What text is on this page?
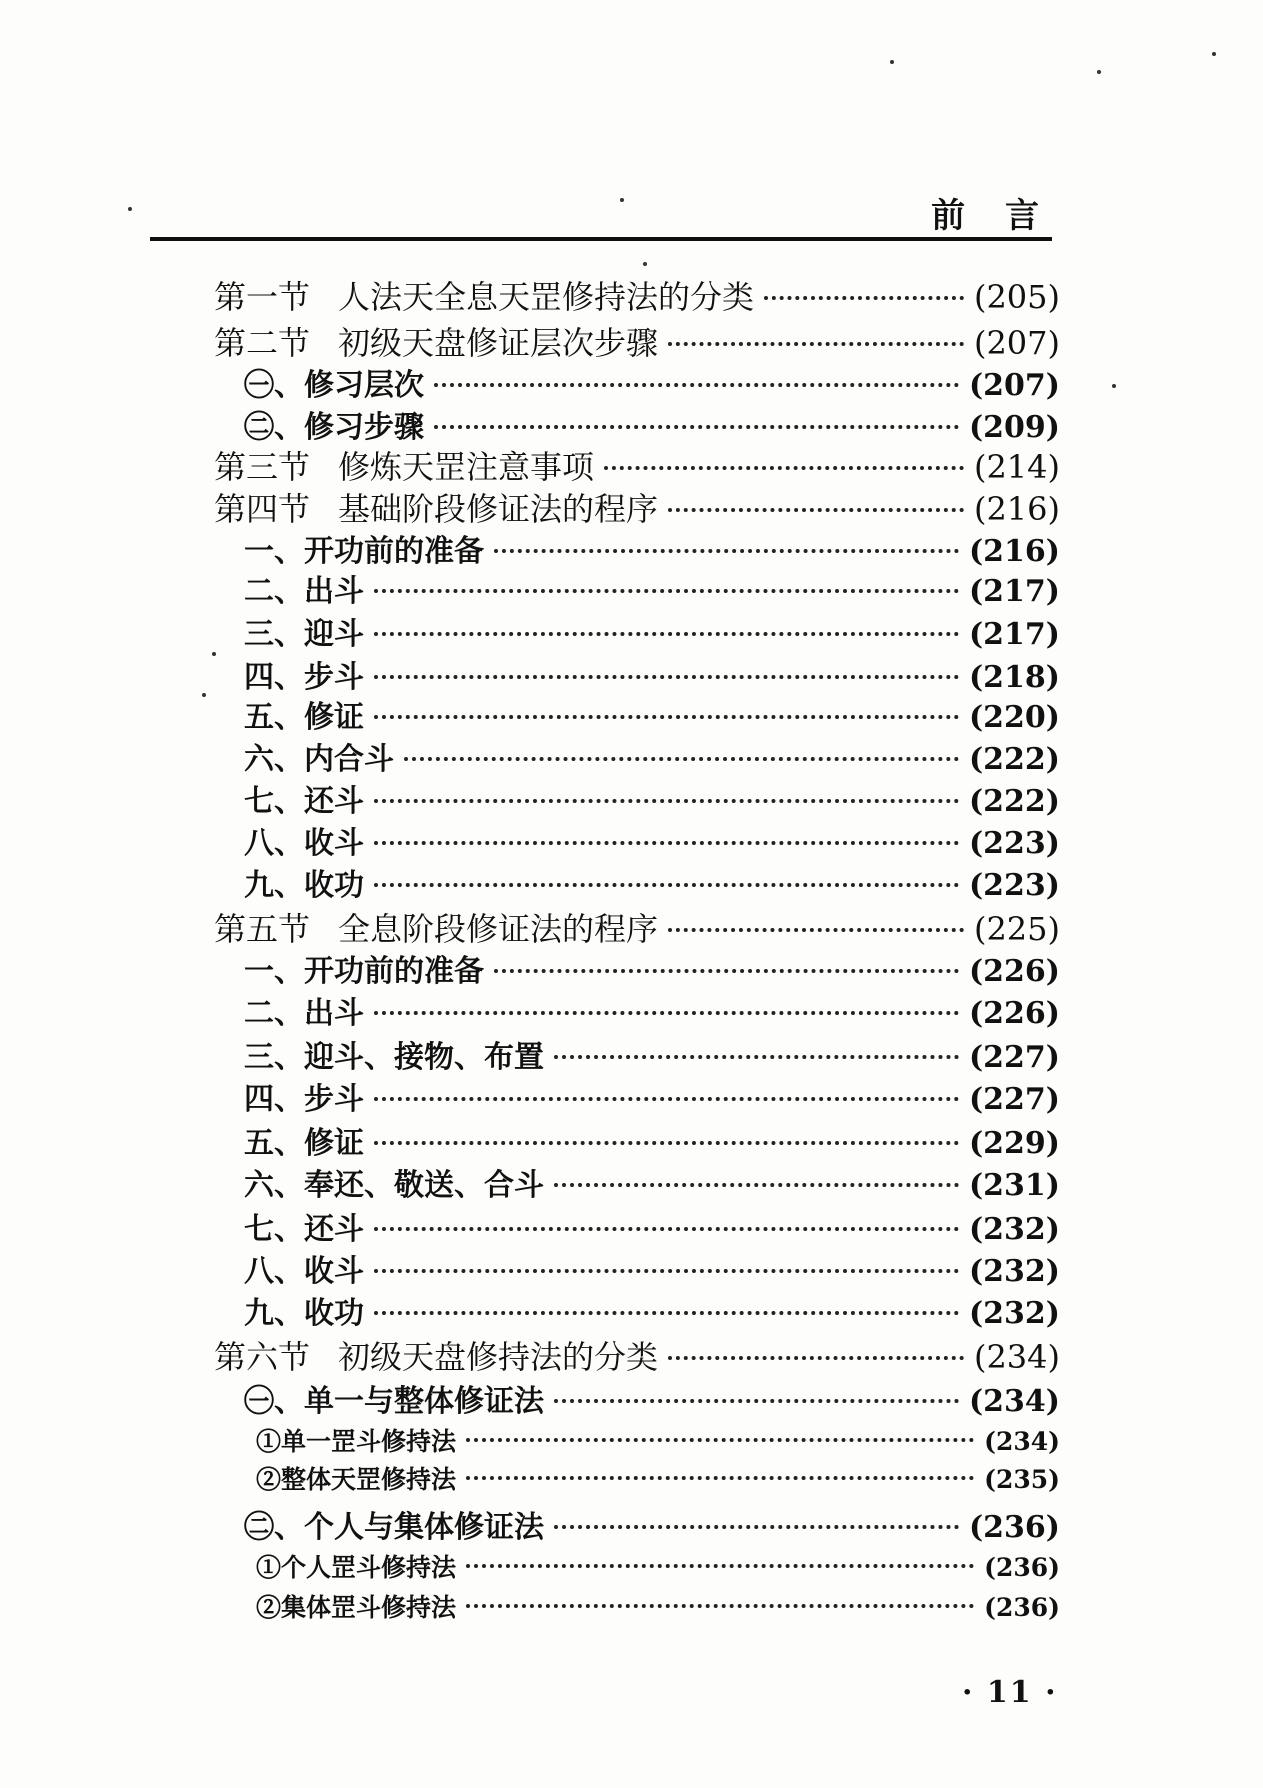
前 言
第一节 人法天全息天罡修持法的分类	(205)
第二节 初级天盘修证层次步骤	(207)
㊀、修习层次	(207)
㊁、修习步骤	(209)
第三节 修炼天罡注意事项	(214)
第四节 基础阶段修证法的程序	(216)
一、开功前的准备	(216)
二、出斗	(217)
三、迎斗	(217)
四、步斗	(218)
五、修证	(220)
六、内合斗	(222)
七、还斗	(222)
八、收斗	(223)
九、收功	(223)
第五节 全息阶段修证法的程序	(225)
一、开功前的准备	(226)
二、出斗	(226)
三、迎斗、接物、布置	(227)
四、步斗	(227)
五、修证	(229)
六、奉还、敬送、合斗	(231)
七、还斗	(232)
八、收斗	(232)
九、收功	(232)
第六节 初级天盘修持法的分类	(234)
㊀、单一与整体修证法	(234)
①单一罡斗修持法	(234)
②整体天罡修持法	(235)
㊁、个人与集体修证法	(236)
①个人罡斗修持法	(236)
②集体罡斗修持法	(236)
· 11 ·
